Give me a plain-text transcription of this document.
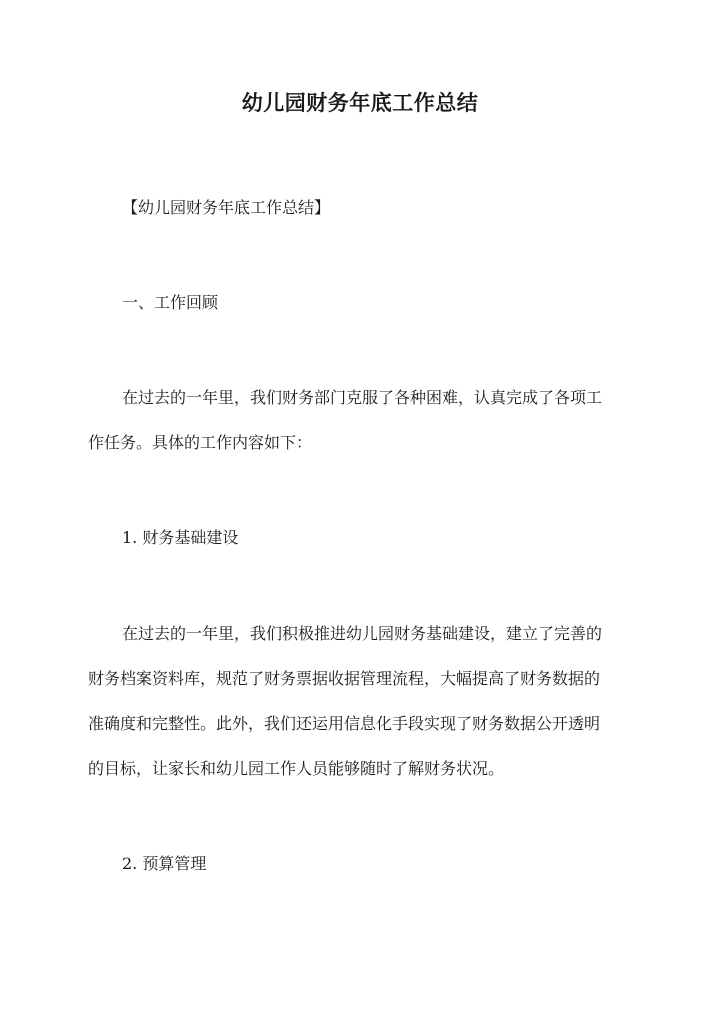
幼儿园财务年底工作总结
【幼儿园财务年底工作总结】
一、工作回顾
在过去的一年里，我们财务部门克服了各种困难，认真完成了各项工
作任务。具体的工作内容如下：
1. 财务基础建设
在过去的一年里，我们积极推进幼儿园财务基础建设，建立了完善的
财务档案资料库，规范了财务票据收据管理流程，大幅提高了财务数据的
准确度和完整性。此外，我们还运用信息化手段实现了财务数据公开透明
的目标，让家长和幼儿园工作人员能够随时了解财务状况。
2. 预算管理
